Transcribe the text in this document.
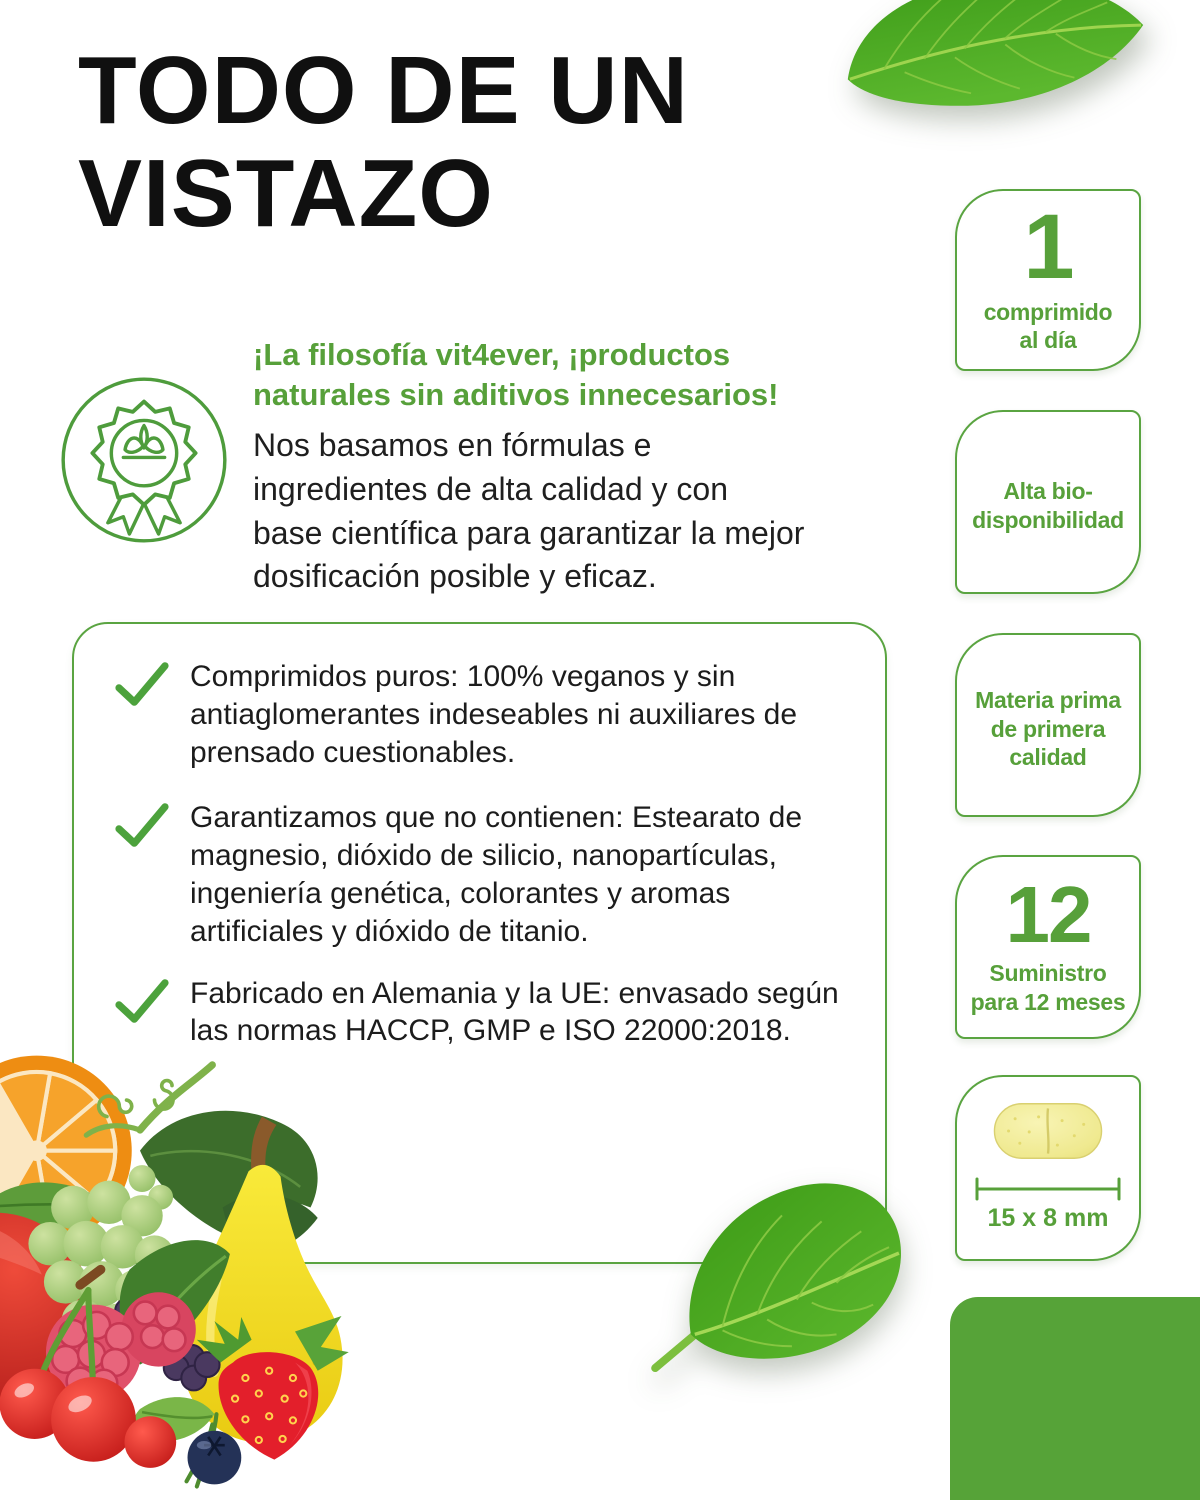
TODO DE UN
VISTAZO
¡La filosofía vit4ever, ¡productos
naturales sin aditivos innecesarios!
Nos basamos en fórmulas e
ingredientes de alta calidad y con
base científica para garantizar la mejor
dosificación posible y eficaz.
Comprimidos puros: 100% veganos y sin
antiaglomerantes indeseables ni auxiliares de
prensado cuestionables.
Garantizamos que no contienen: Estearato de
magnesio, dióxido de silicio, nanopartículas,
ingeniería genética, colorantes y aromas
artificiales y dióxido de titanio.
Fabricado en Alemania y la UE: envasado según
las normas HACCP, GMP e ISO 22000:2018.
1
comprimido
al día
Alta bio-
disponibilidad
Materia prima
de primera
calidad
12
Suministro
para 12 meses
15 x 8 mm
